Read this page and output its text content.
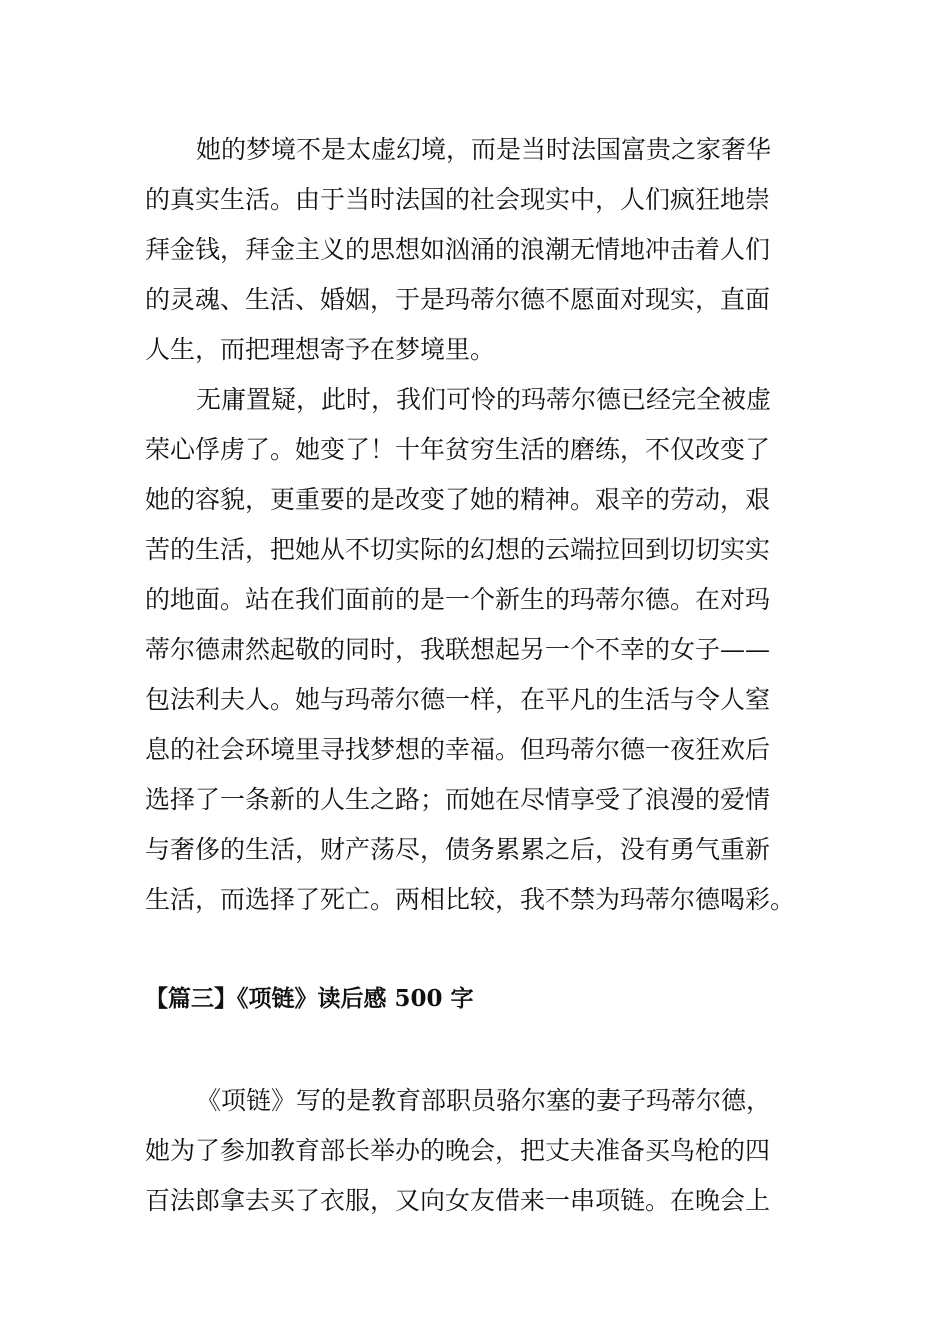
她的梦境不是太虚幻境，而是当时法国富贵之家奢华

的真实生活。由于当时法国的社会现实中，人们疯狂地崇

拜金钱，拜金主义的思想如汹涌的浪潮无情地冲击着人们

的灵魂、生活、婚姻，于是玛蒂尔德不愿面对现实，直面

人生，而把理想寄予在梦境里。

无庸置疑，此时，我们可怜的玛蒂尔德已经完全被虚

荣心俘虏了。她变了！十年贫穷生活的磨练，不仅改变了

她的容貌，更重要的是改变了她的精神。艰辛的劳动，艰

苦的生活，把她从不切实际的幻想的云端拉回到切切实实

的地面。站在我们面前的是一个新生的玛蒂尔德。在对玛

蒂尔德肃然起敬的同时，我联想起另一个不幸的女子——

包法利夫人。她与玛蒂尔德一样，在平凡的生活与令人窒

息的社会环境里寻找梦想的幸福。但玛蒂尔德一夜狂欢后

选择了一条新的人生之路；而她在尽情享受了浪漫的爱情

与奢侈的生活，财产荡尽，债务累累之后，没有勇气重新

生活，而选择了死亡。两相比较，我不禁为玛蒂尔德喝彩。

【篇三】《项链》读后感 500 字

《项链》写的是教育部职员骆尔塞的妻子玛蒂尔德，

她为了参加教育部长举办的晚会，把丈夫准备买鸟枪的四

百法郎拿去买了衣服，又向女友借来一串项链。在晚会上
